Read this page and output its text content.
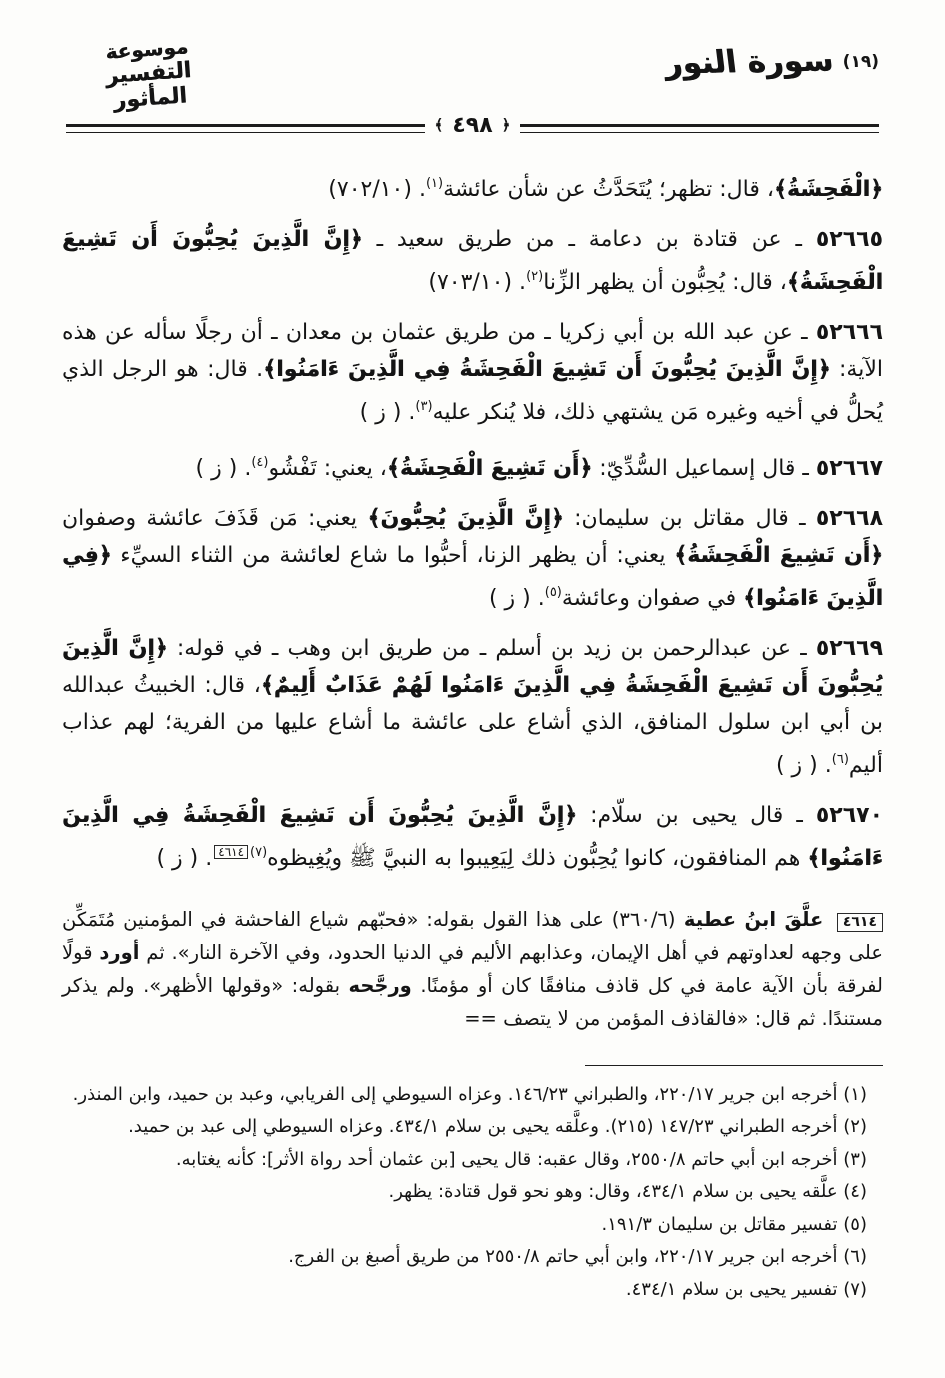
(١٩)
سورة النور
موسوعة
التفسير المأثور
﴿
٤٩٨
﴾

﴿الْفَحِشَةُ﴾، قال: تظهر؛ يُتَحَدَّثُ عن شأن عائشة$^{(١)}$. (٧٠٢/١٠)

٥٢٦٦٥ ـ عن قتادة بن دعامة ـ من طريق سعيد ـ ﴿إِنَّ الَّذِينَ يُحِبُّونَ أَن تَشِيعَ الْفَحِشَةُ﴾، قال: يُحِبُّون أن يظهر الزِّنا$^{(٢)}$. (٧٠٣/١٠)

٥٢٦٦٦ ـ عن عبد الله بن أبي زكريا ـ من طريق عثمان بن معدان ـ أن رجلًا سأله عن هذه الآية: ﴿إِنَّ الَّذِينَ يُحِبُّونَ أَن تَشِيعَ الْفَحِشَةُ فِي الَّذِينَ ءَامَنُوا﴾. قال: هو الرجل الذي يُحلُّ في أخيه وغيره مَن يشتهي ذلك، فلا يُنكر عليه$^{(٣)}$. ( ز )

٥٢٦٦٧ ـ قال إسماعيل السُّدِّيّ: ﴿أَن تَشِيعَ الْفَحِشَةُ﴾، يعني: تَفْشُو$^{(٤)}$. ( ز )

٥٢٦٦٨ ـ قال مقاتل بن سليمان: ﴿إِنَّ الَّذِينَ يُحِبُّونَ﴾ يعني: مَن قَذَفَ عائشة وصفوان ﴿أَن تَشِيعَ الْفَحِشَةُ﴾ يعني: أن يظهر الزنا، أحبُّوا ما شاع لعائشة من الثناء السيِّء ﴿فِي الَّذِينَ ءَامَنُوا﴾ في صفوان وعائشة$^{(٥)}$. ( ز )

٥٢٦٦٩ ـ عن عبدالرحمن بن زيد بن أسلم ـ من طريق ابن وهب ـ في قوله: ﴿إِنَّ الَّذِينَ يُحِبُّونَ أَن تَشِيعَ الْفَحِشَةُ فِي الَّذِينَ ءَامَنُوا لَهُمْ عَذَابٌ أَلِيمٌ﴾، قال: الخبيثُ عبدالله بن أبي ابن سلول المنافق، الذي أشاع على عائشة ما أشاع عليها من الفرية؛ لهم عذاب أليم$^{(٦)}$. ( ز )

٥٢٦٧٠ ـ قال يحيى بن سلّام: ﴿إِنَّ الَّذِينَ يُحِبُّونَ أَن تَشِيعَ الْفَحِشَةُ فِي الَّذِينَ ءَامَنُوا﴾ هم المنافقون، كانوا يُحِبُّون ذلك لِيَعِيبوا به النبيَّ ﷺ ويُغِيظوه$^{(٧)}$٤٦١٤. ( ز )

٤٦١٤ علَّقَ ابنُ عطية (٣٦٠/٦) على هذا القول بقوله: «فحبّهم شياع الفاحشة في المؤمنين مُتَمَكِّن على وجهه لعداوتهم في أهل الإيمان، وعذابهم الأليم في الدنيا الحدود، وفي الآخرة النار». ثم أورد قولًا لفرقة بأن الآية عامة في كل قاذف منافقًا كان أو مؤمنًا. ورجَّحه بقوله: «وقولها الأظهر». ولم يذكر مستندًا. ثم قال: «فالقاذف المؤمن من لا يتصف ==

(١) أخرجه ابن جرير ٢٢٠/١٧، والطبراني ١٤٦/٢٣. وعزاه السيوطي إلى الفريابي، وعبد بن حميد، وابن المنذر.

(٢) أخرجه الطبراني ١٤٧/٢٣ (٢١٥). وعلَّقه يحيى بن سلام ٤٣٤/١. وعزاه السيوطي إلى عبد بن حميد.

(٣) أخرجه ابن أبي حاتم ٢٥٥٠/٨، وقال عقبه: قال يحيى [بن عثمان أحد رواة الأثر]: كأنه يغتابه.

(٤) علَّقه يحيى بن سلام ٤٣٤/١، وقال: وهو نحو قول قتادة: يظهر.

(٥) تفسير مقاتل بن سليمان ١٩١/٣.

(٦) أخرجه ابن جرير ٢٢٠/١٧، وابن أبي حاتم ٢٥٥٠/٨ من طريق أصبغ بن الفرج.

(٧) تفسير يحيى بن سلام ٤٣٤/١.
